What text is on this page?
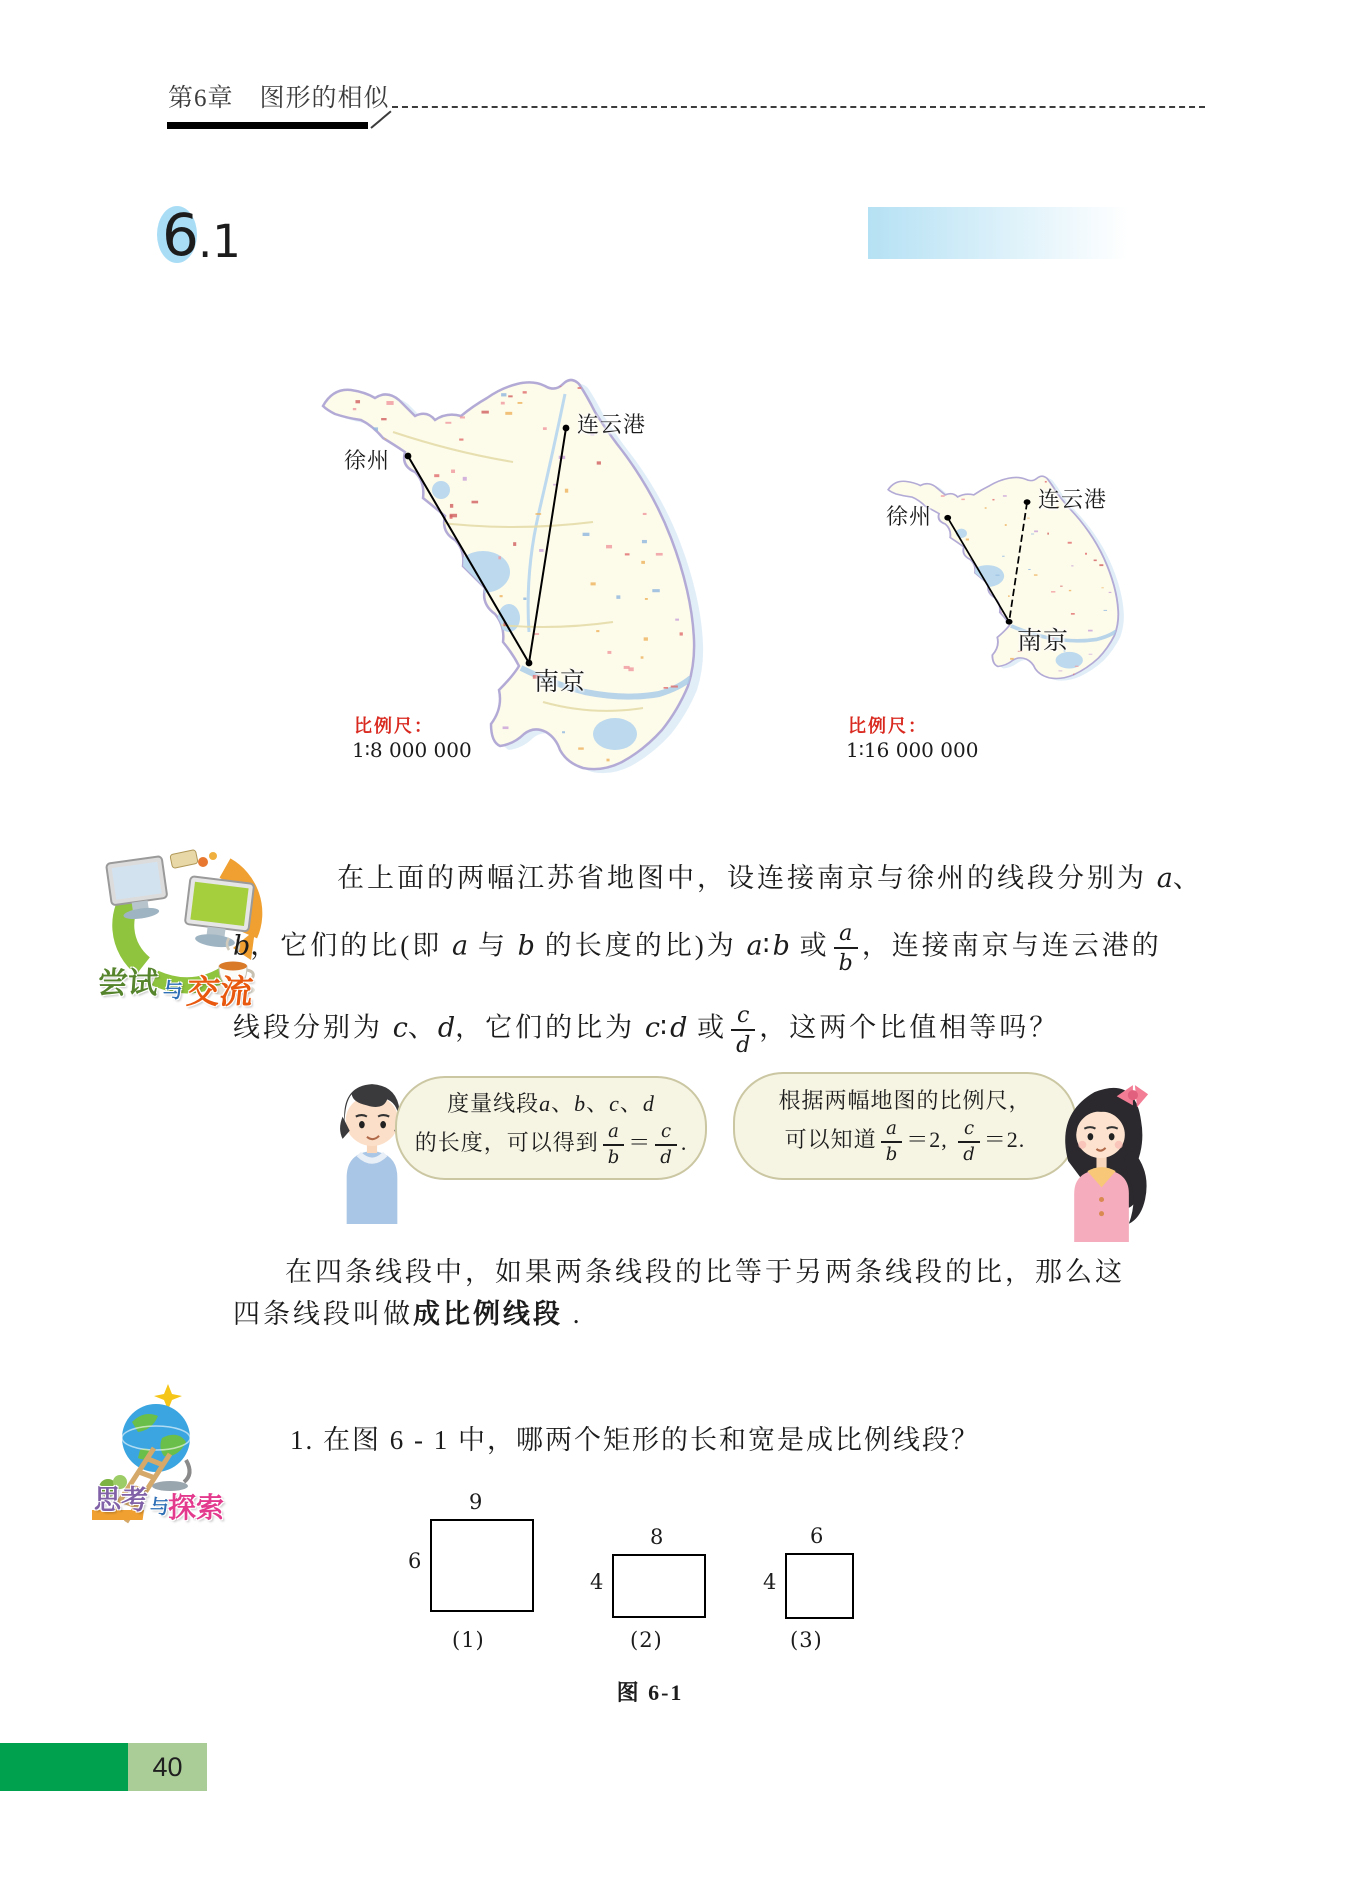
第6章　图形的相似
6 .1
徐州
连云港
南京
比例尺：
1∶8 000 000
徐州
连云港
南京
比例尺：
1∶16 000 000
尝试 与 交流
在上面的两幅江苏省地图中，设连接南京与徐州的线段分别为 a、
b，它们的比(即 a 与 b 的长度的比)为 a∶b 或 $\frac{a}{b}$ ，连接南京与连云港的
线段分别为 c、d，它们的比为 c∶d 或 $\frac{c}{d}$ ，这两个比值相等吗？
度量线段a、b、c、d
的长度，可以得到 $\frac{a}{b} = \frac{c}{d}$ .
根据两幅地图的比例尺，
可以知道 $\frac{a}{b} =2$, $\frac{c}{d} =2$.
在四条线段中，如果两条线段的比等于另两条线段的比，那么这
四条线段叫做成比例线段 .
思考 与
探索
1. 在图 6 - 1 中，哪两个矩形的长和宽是成比例线段？
9
6
(1)
8
4
(2)
6
4
(3)
图 6-1
40
